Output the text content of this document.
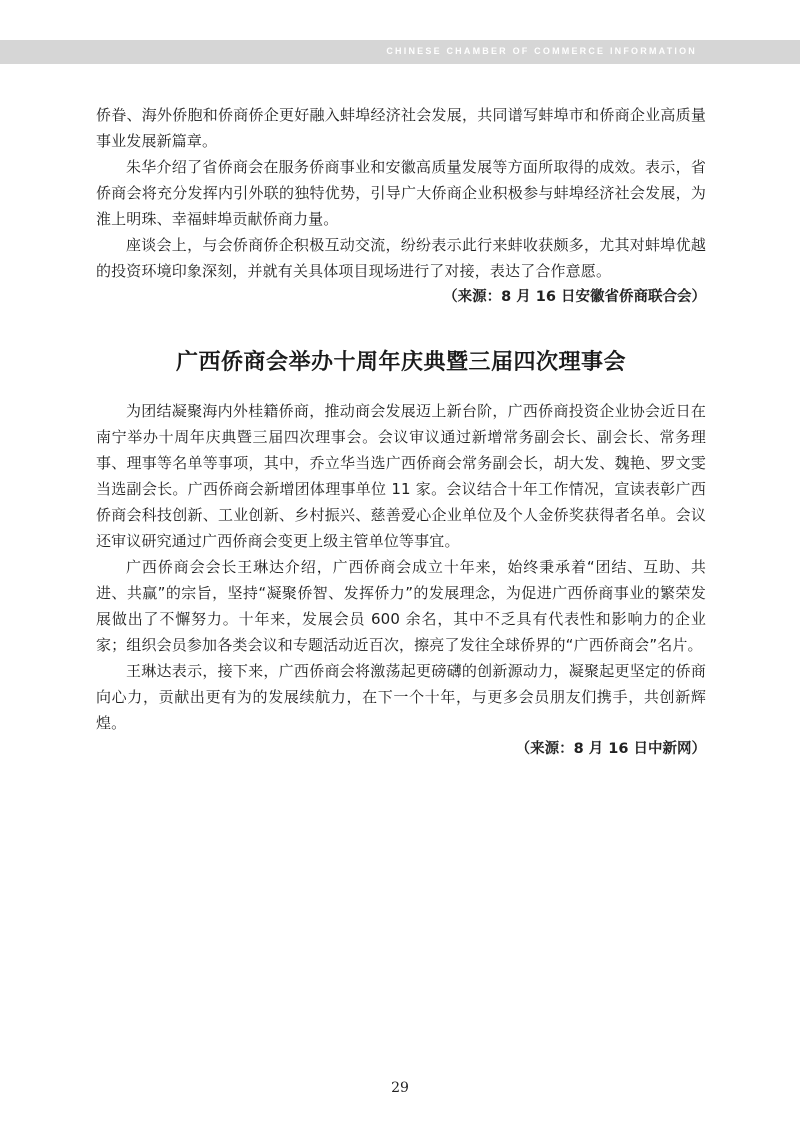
CHINESE CHAMBER OF COMMERCE INFORMATION

侨眷、海外侨胞和侨商侨企更好融入蚌埠经济社会发展，共同谱写蚌埠市和侨商企业高质量事业发展新篇章。

朱华介绍了省侨商会在服务侨商事业和安徽高质量发展等方面所取得的成效。表示，省侨商会将充分发挥内引外联的独特优势，引导广大侨商企业积极参与蚌埠经济社会发展，为淮上明珠、幸福蚌埠贡献侨商力量。

座谈会上，与会侨商侨企积极互动交流，纷纷表示此行来蚌收获颇多，尤其对蚌埠优越的投资环境印象深刻，并就有关具体项目现场进行了对接，表达了合作意愿。

（来源：8 月 16 日安徽省侨商联合会）

广西侨商会举办十周年庆典暨三届四次理事会

为团结凝聚海内外桂籍侨商，推动商会发展迈上新台阶，广西侨商投资企业协会近日在南宁举办十周年庆典暨三届四次理事会。会议审议通过新增常务副会长、副会长、常务理事、理事等名单等事项，其中，乔立华当选广西侨商会常务副会长，胡大发、魏艳、罗文雯当选副会长。广西侨商会新增团体理事单位 11 家。会议结合十年工作情况，宣读表彰广西侨商会科技创新、工业创新、乡村振兴、慈善爱心企业单位及个人金侨奖获得者名单。会议还审议研究通过广西侨商会变更上级主管单位等事宜。

广西侨商会会长王琳达介绍，广西侨商会成立十年来，始终秉承着“团结、互助、共进、共赢”的宗旨，坚持“凝聚侨智、发挥侨力”的发展理念，为促进广西侨商事业的繁荣发展做出了不懈努力。十年来，发展会员 600 余名，其中不乏具有代表性和影响力的企业家；组织会员参加各类会议和专题活动近百次，擦亮了发往全球侨界的“广西侨商会”名片。

王琳达表示，接下来，广西侨商会将激荡起更磅礴的创新源动力，凝聚起更坚定的侨商向心力，贡献出更有为的发展续航力，在下一个十年，与更多会员朋友们携手，共创新辉煌。

（来源：8 月 16 日中新网）

29
